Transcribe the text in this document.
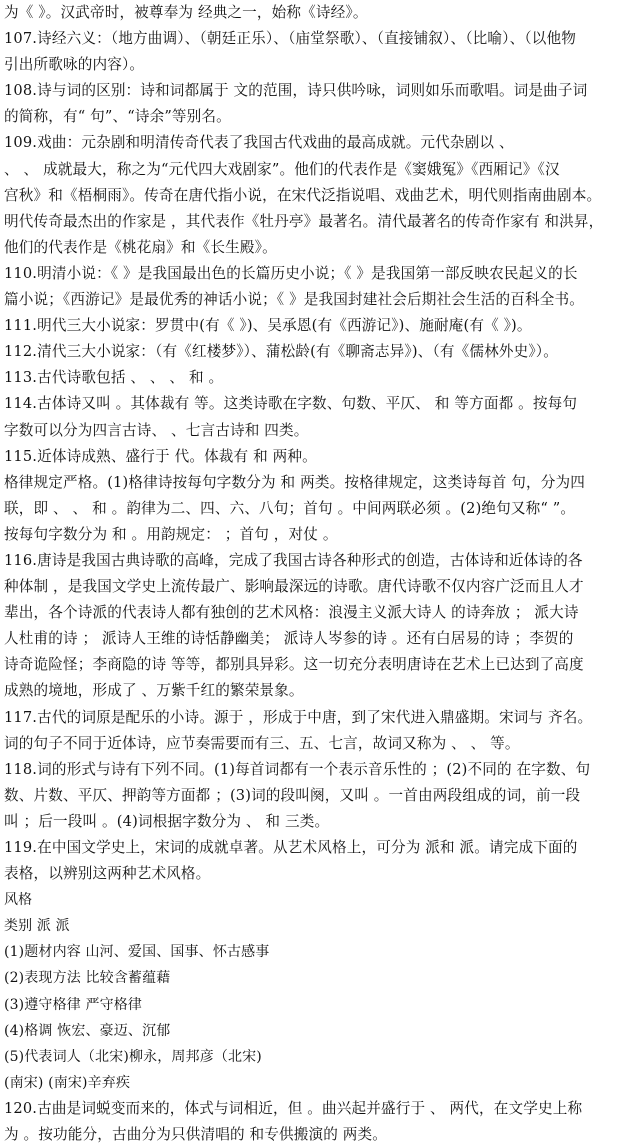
为《 》。汉武帝时，被尊奉为 经典之一，始称《诗经》。
107.诗经六义：（地方曲调）、（朝廷正乐）、（庙堂祭歌）、（直接铺叙）、（比喻）、（以他物
引出所歌咏的内容）。
108.诗与词的区别：诗和词都属于 文的范围，诗只供吟咏，词则如乐而歌唱。词是曲子词
的简称，有“ 句”、“诗余”等别名。
109.戏曲：元杂剧和明清传奇代表了我国古代戏曲的最高成就。元代杂剧以 、
、 、 成就最大，称之为“元代四大戏剧家”。他们的代表作是《窦娥冤》《西厢记》《汉
宫秋》和《梧桐雨》。传奇在唐代指小说，在宋代泛指说唱、戏曲艺术，明代则指南曲剧本。
明代传奇最杰出的作家是 ，其代表作《牡丹亭》最著名。清代最著名的传奇作家有 和洪昇，
他们的代表作是《桃花扇》和《长生殿》。
110.明清小说：《 》是我国最出色的长篇历史小说；《 》是我国第一部反映农民起义的长
篇小说；《西游记》是最优秀的神话小说；《 》是我国封建社会后期社会生活的百科全书。
111.明代三大小说家：罗贯中(有《 》)、吴承恩(有《西游记》)、施耐庵(有《 》)。
112.清代三大小说家：（有《红楼梦》）、蒲松龄(有《聊斋志异》)、（有《儒林外史》）。
113.古代诗歌包括 、 、 、 和 。
114.古体诗又叫 。其体裁有 等。这类诗歌在字数、句数、平仄、 和 等方面都 。按每句
字数可以分为四言古诗、 、七言古诗和 四类。
115.近体诗成熟、盛行于 代。体裁有 和 两种。
格律规定严格。(1)格律诗按每句字数分为 和 两类。按格律规定，这类诗每首 句，分为四
联，即 、 、 和 。韵律为二、四、六、八句；首句 。中间两联必须 。(2)绝句又称“ ”。
按每句字数分为 和 。用韵规定： ；首句 ，对仗 。
116.唐诗是我国古典诗歌的高峰，完成了我国古诗各种形式的创造，古体诗和近体诗的各
种体制 ，是我国文学史上流传最广、影响最深远的诗歌。唐代诗歌不仅内容广泛而且人才
辈出，各个诗派的代表诗人都有独创的艺术风格：浪漫主义派大诗人 的诗奔放 ； 派大诗
人杜甫的诗 ； 派诗人王维的诗恬静幽美； 派诗人岑参的诗 。还有白居易的诗 ；李贺的
诗奇诡险怪；李商隐的诗 等等，都别具异彩。这一切充分表明唐诗在艺术上已达到了高度
成熟的境地，形成了 、万紫千红的繁荣景象。
117.古代的词原是配乐的小诗。源于 ，形成于中唐，到了宋代进入鼎盛期。宋词与 齐名。
词的句子不同于近体诗，应节奏需要而有三、五、七言，故词又称为 、 、 等。
118.词的形式与诗有下列不同。(1)每首词都有一个表示音乐性的 ；(2)不同的 在字数、句
数、片数、平仄、押韵等方面都 ；(3)词的段叫阕，又叫 。一首由两段组成的词，前一段
叫 ；后一段叫 。(4)词根据字数分为 、 和 三类。
119.在中国文学史上，宋词的成就卓著。从艺术风格上，可分为 派和 派。请完成下面的
表格，以辨别这两种艺术风格。
风格
类别 派 派
(1)题材内容 山河、爱国、国事、怀古感事
(2)表现方法 比较含蓄蕴藉
(3)遵守格律 严守格律
(4)格调 恢宏、豪迈、沉郁
(5)代表词人（北宋)柳永，周邦彦（北宋)
(南宋) (南宋)辛弃疾
120.古曲是词蜕变而来的，体式与词相近，但 。曲兴起并盛行于 、 两代，在文学史上称
为 。按功能分，古曲分为只供清唱的 和专供搬演的 两类。
